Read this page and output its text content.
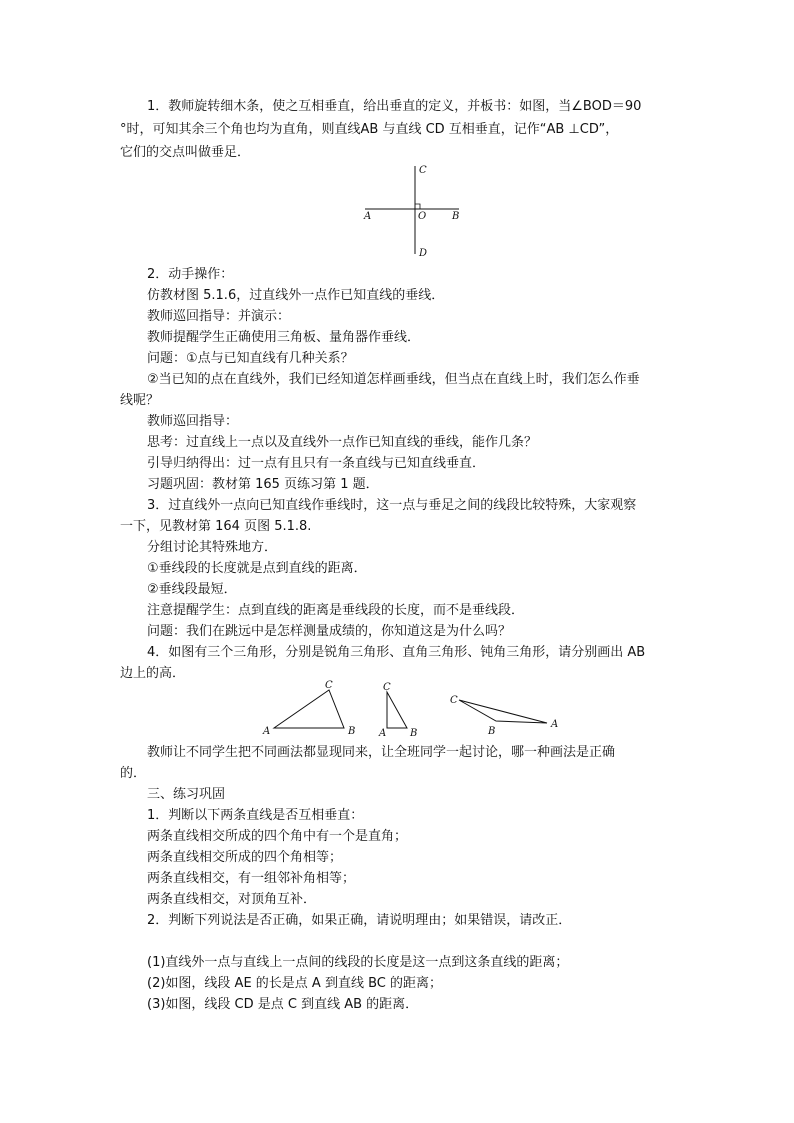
1．教师旋转细木条，使之互相垂直，给出垂直的定义，并板书：如图，当∠BOD＝90
°时，可知其余三个角也均为直角，则直线AB 与直线 CD 互相垂直，记作“AB ⊥CD”，
它们的交点叫做垂足．
A	B
C
D
O
2．动手操作：
仿教材图 5.1.6，过直线外一点作已知直线的垂线．
教师巡回指导：并演示：
教师提醒学生正确使用三角板、量角器作垂线．
问题：①点与已知直线有几种关系？
②当已知的点在直线外，我们已经知道怎样画垂线，但当点在直线上时，我们怎么作垂
线呢？
教师巡回指导：
思考：过直线上一点以及直线外一点作已知直线的垂线，能作几条？
引导归纳得出：过一点有且只有一条直线与已知直线垂直．
习题巩固：教材第 165 页练习第 1 题．
3．过直线外一点向已知直线作垂线时，这一点与垂足之间的线段比较特殊，大家观察
一下，见教材第 164 页图 5.1.8.
分组讨论其特殊地方．
①垂线段的长度就是点到直线的距离．
②垂线段最短．
注意提醒学生：点到直线的距离是垂线段的长度，而不是垂线段．
问题：我们在跳远中是怎样测量成绩的，你知道这是为什么吗？
4．如图有三个三角形，分别是锐角三角形、直角三角形、钝角三角形，请分别画出 AB
边上的高．
A	B
C
A B
C
C
B
A
教师让不同学生把不同画法都显现同来，让全班同学一起讨论，哪一种画法是正确
的．
三、练习巩固
1．判断以下两条直线是否互相垂直：
两条直线相交所成的四个角中有一个是直角；
两条直线相交所成的四个角相等；
两条直线相交，有一组邻补角相等；
两条直线相交，对顶角互补．
2．判断下列说法是否正确，如果正确，请说明理由；如果错误，请改正．
(1)直线外一点与直线上一点间的线段的长度是这一点到这条直线的距离；
(2)如图，线段 AE 的长是点 A 到直线 BC 的距离；
(3)如图，线段 CD 是点 C 到直线 AB 的距离．
